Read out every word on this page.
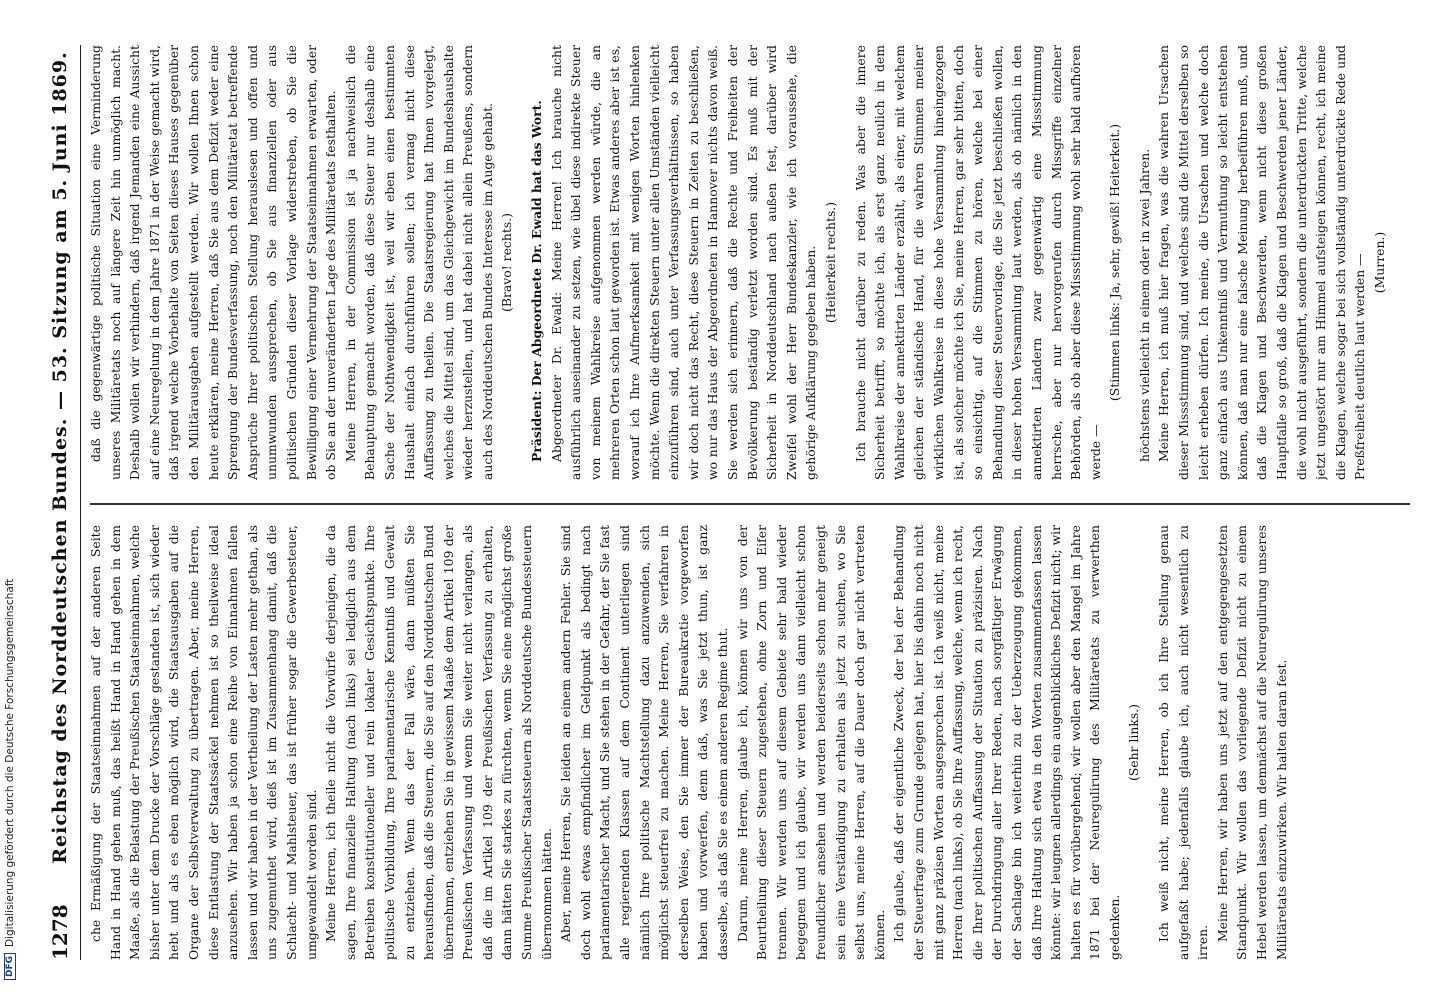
1278
Reichstag des Norddeutschen Bundes. — 53. Sitzung am 5. Juni 1869. che Ermäßigung der Staatseinnahmen auf der anderen Seite Hand in Hand gehen muß, das heißt Hand in Hand gehen in dem Maaße, als die Belastung der Preußischen Staatseinnahmen, welche bisher unter dem Drucke der Vorschläge gestanden ist, sich wieder hebt und als es eben möglich wird, die Staatsausgaben auf die Organe der Selbstverwaltung zu übertragen. Aber, meine Herren, diese Entlastung der Staatssäckel nehmen ist so theilweise ideal anzusehen. Wir haben ja schon eine Reihe von Einnahmen fallen lassen und wir haben in der Vertheilung der Lasten mehr gethan, als uns zugemuthet wird, dieß ist im Zusammenhang damit, daß die Schlacht- und Mahlsteuer, das ist früher sogar die Gewerbesteuer, umgewandelt worden sind. Meine Herren, ich theile nicht die Vorwürfe derjenigen, die da sagen, Ihre finanzielle Haltung (nach links) sei lediglich aus dem Betreiben konstitutioneller und rein lokaler Gesichtspunkte. Ihre politische Vorbildung, Ihre parlamentarische Kenntniß und Gewalt zu entziehen. Wenn das der Fall wäre, dann müßten Sie herausfinden, daß die Steuern, die Sie auf den Norddeutschen Bund übernehmen, entziehen Sie in gewissem Maaße dem Artikel 109 der Preußischen Verfassung und wenn Sie weiter nicht verlangen, als daß die im Artikel 109 der Preußischen Verfassung zu erhalten, dann hätten Sie starkes zu fürchten, wenn Sie eine möglichst große Summe Preußischer Staatssteuern als Norddeutsche Bundessteuern übernommen hätten. Aber, meine Herren, Sie leiden an einem andern Fehler. Sie sind doch wohl etwas empfindlicher im Geldpunkt als bedingt nach parlamentarischer Macht, und Sie stehen in der Gefahr, der Sie fast alle regierenden Klassen auf dem Continent unterliegen sind nämlich Ihre politische Machtstellung dazu anzuwenden, sich möglichst steuerfrei zu machen. Meine Herren, Sie verfahren in derselben Weise, den Sie immer der Bureaukratie vorgeworfen haben und vorwerfen, denn daß, was Sie jetzt thun, ist ganz dasselbe, als daß Sie es einem anderen Regime thut. Darum, meine Herren, glaube ich, können wir uns von der Beurtheilung dieser Steuern zugestehen, ohne Zorn und Eifer trennen. Wir werden uns auf diesem Gebiete sehr bald wieder begegnen und ich glaube, wir werden uns dann vielleicht schon freundlicher ansehen und werden beiderseits schon mehr geneigt sein eine Verständigung zu erhalten als jetzt zu suchen, wo Sie selbst uns, meine Herren, auf die Dauer doch gar nicht vertreten können. Ich glaube, daß der eigentliche Zweck, der bei der Behandlung der Steuerfrage zum Grunde gelegen hat, hier bis dahin noch nicht mit ganz präzisen Worten ausgesprochen ist. Ich weiß nicht, meine Herren (nach links), ob Sie Ihre Auffassung, welche, wenn ich recht, die Ihrer politischen Auffassung der Situation zu präzisiren. Nach der Durchdringung aller Ihrer Reden, nach sorgfältiger Erwägung der Sachlage bin ich weiterhin zu der Ueberzeugung gekommen, daß Ihre Haltung sich etwa in den Worten zusammenfassen lassen könnte: wir leugnen allerdings ein augenblickliches Defizit nicht; wir halten es für vorübergehend; wir wollen aber den Mangel im Jahre 1871 bei der Neuregulirung des Militäretats zu verwerthen gedenken.

(Sehr links.) Ich weiß nicht, meine Herren, ob ich Ihre Stellung genau aufgefaßt habe; jedenfalls glaube ich, auch nicht wesentlich zu irren.

Meine Herren, wir haben uns jetzt auf den entgegengesetzten Standpunkt. Wir wollen das vorliegende Defizit nicht zu einem Hebel werden lassen, um demnächst auf die Neuregulirung unseres Militäretats einzuwirken. Wir halten daran fest.

daß die gegenwärtige politische Situation eine Verminderung unseres Militäretats noch auf längere Zeit hin unmöglich macht. Deshalb wollen wir verhindern, daß irgend Jemanden eine Aussicht auf eine Neuregelung in dem Jahre 1871 in der Weise gemacht wird, daß irgend welche Vorbehalte von Seiten dieses Hauses gegenüber den Militärausgaben aufgestellt werden. Wir wollen Ihnen schon heute erklären, meine Herren, daß Sie aus dem Defizit weder eine Sprengung der Bundesverfassung, noch den Militäretat betreffende Ansprüche Ihrer politischen Stellung herauslesen und offen und unumwunden aussprechen, ob Sie aus finanziellen oder aus politischen Gründen dieser Vorlage widerstreben, ob Sie die Bewilligung einer Vermehrung der Staatseinnahmen erwarten, oder ob Sie an der unveränderten Lage des Militäretats festhalten. Meine Herren, in der Commission ist ja nachweislich die Behauptung gemacht worden, daß diese Steuer nur deshalb eine Sache der Nothwendigkeit ist, weil wir eben einen bestimmten Haushalt einfach durchführen sollen; ich vermag nicht diese Auffassung zu theilen. Die Staatsregierung hat Ihnen vorgelegt, welches die Mittel sind, um das Gleichgewicht im Bundeshaushalte wieder herzustellen, und hat dabei nicht allein Preußens, sondern auch des Norddeutschen Bundes Interesse im Auge gehabt. (Bravo! rechts.) Präsident: Der Abgeordnete Dr. Ewald hat das Wort. Abgeordneter Dr. Ewald: Meine Herren! Ich brauche nicht ausführlich auseinander zu setzen, wie übel diese indirekte Steuer von meinem Wahlkreise aufgenommen werden würde, die an mehreren Orten schon laut geworden ist. Etwas anderes aber ist es, worauf ich Ihre Aufmerksamkeit mit wenigen Worten hinlenken möchte. Wenn die direkten Steuern unter allen Umständen vielleicht einzuführen sind, auch unter Verfassungsverhältnissen, so haben wir doch nicht das Recht, diese Steuern in Zeiten zu beschließen, wo nur das Haus der Abgeordneten in Hannover nichts davon weiß. Sie werden sich erinnern, daß die Rechte und Freiheiten der Bevölkerung beständig verletzt worden sind. Es muß mit der Sicherheit in Norddeutschland nach außen fest, darüber wird Zweifel wohl der Herr Bundeskanzler, wie ich voraussehe, die gehörige Aufklärung gegeben haben. (Heiterkeit rechts.) Ich brauche nicht darüber zu reden. Was aber die innere Sicherheit betrifft, so möchte ich, als erst ganz neulich in dem Wahlkreise der annektirten Länder erzählt, als einer, mit welchem gleichen der ständische Hand, für die wahren Stimmen meiner wirklichen Wahlkreise in diese hohe Versammlung hineingezogen ist, als solcher möchte ich Sie, meine Herren, gar sehr bitten, doch so einsichtig, auf die Stimmen zu hören, welche bei einer Behandlung dieser Steuervorlage, die Sie jetzt beschließen wollen, in dieser hohen Versammlung laut werden, als ob nämlich in den annektirten Ländern zwar gegenwärtig eine Missstimmung herrsche, aber nur hervorgerufen durch Missgriffe einzelner Behörden, als ob aber diese Missstimmung wohl sehr bald aufhören werde —

(Stimmen links: Ja, sehr, gewiß! Heiterkeit.) höchstens vielleicht in einem oder in zwei Jahren. Meine Herren, ich muß hier fragen, was die wahren Ursachen dieser Missstimmung sind, und welches sind die Mittel derselben so leicht erheben dürfen. Ich meine, die Ursachen und welche doch ganz einfach aus Unkenntniß und Vermuthung so leicht entstehen können, daß man nur eine falsche Meinung herbeiführen muß, und daß die Klagen und Beschwerden, wenn nicht diese großen Hauptfalle so groß, daß die Klagen und Beschwerden jener Länder, die wohl nicht ausgeführt, sondern die unterdrückten Tritte, welche jetzt ungestört nur am Himmel aufsteigen können, recht, ich meine die Klagen, welche sogar bei sich vollständig unterdrückte Rede und Preßfreiheit deutlich laut werden — (Murren.)

DFG
Digitalisierung gefördert durch die Deutsche Forschungsgemeinschaft
